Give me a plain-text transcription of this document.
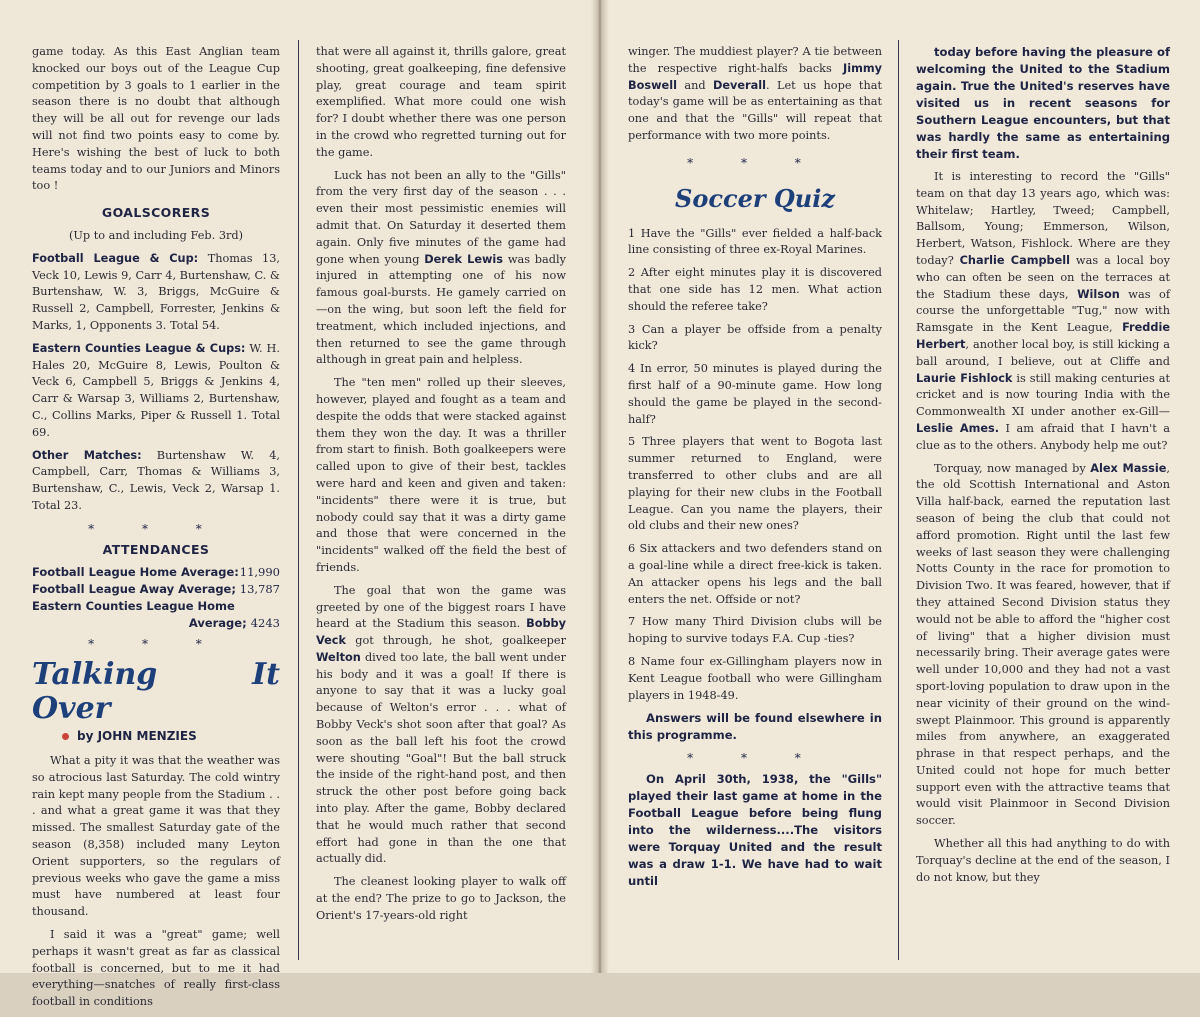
game today. As this East Anglian team knocked our boys out of the League Cup competition by 3 goals to 1 earlier in the season there is no doubt that although they will be all out for revenge our lads will not find two points easy to come by. Here's wishing the best of luck to both teams today and to our Juniors and Minors too !

GOALSCORERS

(Up to and including Feb. 3rd)

Football League & Cup: Thomas 13, Veck 10, Lewis 9, Carr 4, Burtenshaw, C. & Burtenshaw, W. 3, Briggs, McGuire & Russell 2, Campbell, Forrester, Jenkins & Marks, 1, Opponents 3. Total 54.

Eastern Counties League & Cups: W. H. Hales 20, McGuire 8, Lewis, Poulton & Veck 6, Campbell 5, Briggs & Jenkins 4, Carr & Warsap 3, Williams 2, Burtenshaw, C., Collins Marks, Piper & Russell 1. Total 69.

Other Matches: Burtenshaw W. 4, Campbell, Carr, Thomas & Williams 3, Burtenshaw, C., Lewis, Veck 2, Warsap 1. Total 23.

* * *
ATTENDANCES
Football League Home Average: 11,990
Football League Away Average; 13,787
Eastern Counties League Home
Average;
4243
* * *
Talking It Over
by JOHN MENZIES

What a pity it was that the weather was so atrocious last Saturday. The cold wintry rain kept many people from the Stadium . . . and what a great game it was that they missed. The smallest Saturday gate of the season (8,358) included many Leyton Orient supporters, so the regulars of previous weeks who gave the game a miss must have numbered at least four thousand.

I said it was a "great" game; well perhaps it wasn't great as far as classical football is concerned, but to me it had everything—snatches of really first-class football in conditions

that were all against it, thrills galore, great shooting, great goalkeeping, fine defensive play, great courage and team spirit exemplified. What more could one wish for? I doubt whether there was one person in the crowd who regretted turning out for the game.

Luck has not been an ally to the "Gills" from the very first day of the season . . . even their most pessimistic enemies will admit that. On Saturday it deserted them again. Only five minutes of the game had gone when young Derek Lewis was badly injured in attempting one of his now famous goal-bursts. He gamely carried on—on the wing, but soon left the field for treatment, which included injections, and then returned to see the game through although in great pain and helpless.

The "ten men" rolled up their sleeves, however, played and fought as a team and despite the odds that were stacked against them they won the day. It was a thriller from start to finish. Both goalkeepers were called upon to give of their best, tackles were hard and keen and given and taken: "incidents" there were it is true, but nobody could say that it was a dirty game and those that were concerned in the "incidents" walked off the field the best of friends.

The goal that won the game was greeted by one of the biggest roars I have heard at the Stadium this season. Bobby Veck got through, he shot, goalkeeper Welton dived too late, the ball went under his body and it was a goal! If there is anyone to say that it was a lucky goal because of Welton's error . . . what of Bobby Veck's shot soon after that goal? As soon as the ball left his foot the crowd were shouting "Goal"! But the ball struck the inside of the right-hand post, and then struck the other post before going back into play. After the game, Bobby declared that he would much rather that second effort had gone in than the one that actually did.

The cleanest looking player to walk off at the end? The prize to go to Jackson, the Orient's 17-years-old right

winger. The muddiest player? A tie between the respective right-halfs backs Jimmy Boswell and Deverall. Let us hope that today's game will be as entertaining as that one and that the "Gills" will repeat that performance with two more points.

* * *
Soccer Quiz

1 Have the "Gills" ever fielded a half-back line consisting of three ex-Royal Marines.

2 After eight minutes play it is discovered that one side has 12 men. What action should the referee take?

3 Can a player be offside from a penalty kick?

4 In error, 50 minutes is played during the first half of a 90-minute game. How long should the game be played in the second-half?

5 Three players that went to Bogota last summer returned to England, were transferred to other clubs and are all playing for their new clubs in the Football League. Can you name the players, their old clubs and their new ones?

6 Six attackers and two defenders stand on a goal-line while a direct free-kick is taken. An attacker opens his legs and the ball enters the net. Offside or not?

7 How many Third Division clubs will be hoping to survive todays F.A. Cup -ties?

8 Name four ex-Gillingham players now in Kent League football who were Gillingham players in 1948-49.

Answers will be found elsewhere in this programme.

* * *

On April 30th, 1938, the "Gills" played their last game at home in the Football League before being flung into the wilderness....The visitors were Torquay United and the result was a draw 1-1. We have had to wait until

today before having the pleasure of welcoming the United to the Stadium again. True the United's reserves have visited us in recent seasons for Southern League encounters, but that was hardly the same as entertaining their first team.

It is interesting to record the "Gills" team on that day 13 years ago, which was: Whitelaw; Hartley, Tweed; Campbell, Ballsom, Young; Emmerson, Wilson, Herbert, Watson, Fishlock. Where are they today? Charlie Campbell was a local boy who can often be seen on the terraces at the Stadium these days, Wilson was of course the unforgettable "Tug," now with Ramsgate in the Kent League, Freddie Herbert, another local boy, is still kicking a ball around, I believe, out at Cliffe and Laurie Fishlock is still making centuries at cricket and is now touring India with the Commonwealth XI under another ex-Gill—Leslie Ames. I am afraid that I havn't a clue as to the others. Anybody help me out?

Torquay, now managed by Alex Massie, the old Scottish International and Aston Villa half-back, earned the reputation last season of being the club that could not afford promotion. Right until the last few weeks of last season they were challenging Notts County in the race for promotion to Division Two. It was feared, however, that if they attained Second Division status they would not be able to afford the "higher cost of living" that a higher division must necessarily bring. Their average gates were well under 10,000 and they had not a vast sport-loving population to draw upon in the near vicinity of their ground on the wind-swept Plainmoor. This ground is apparently miles from anywhere, an exaggerated phrase in that respect perhaps, and the United could not hope for much better support even with the attractive teams that would visit Plainmoor in Second Division soccer.

Whether all this had anything to do with Torquay's decline at the end of the season, I do not know, but they
